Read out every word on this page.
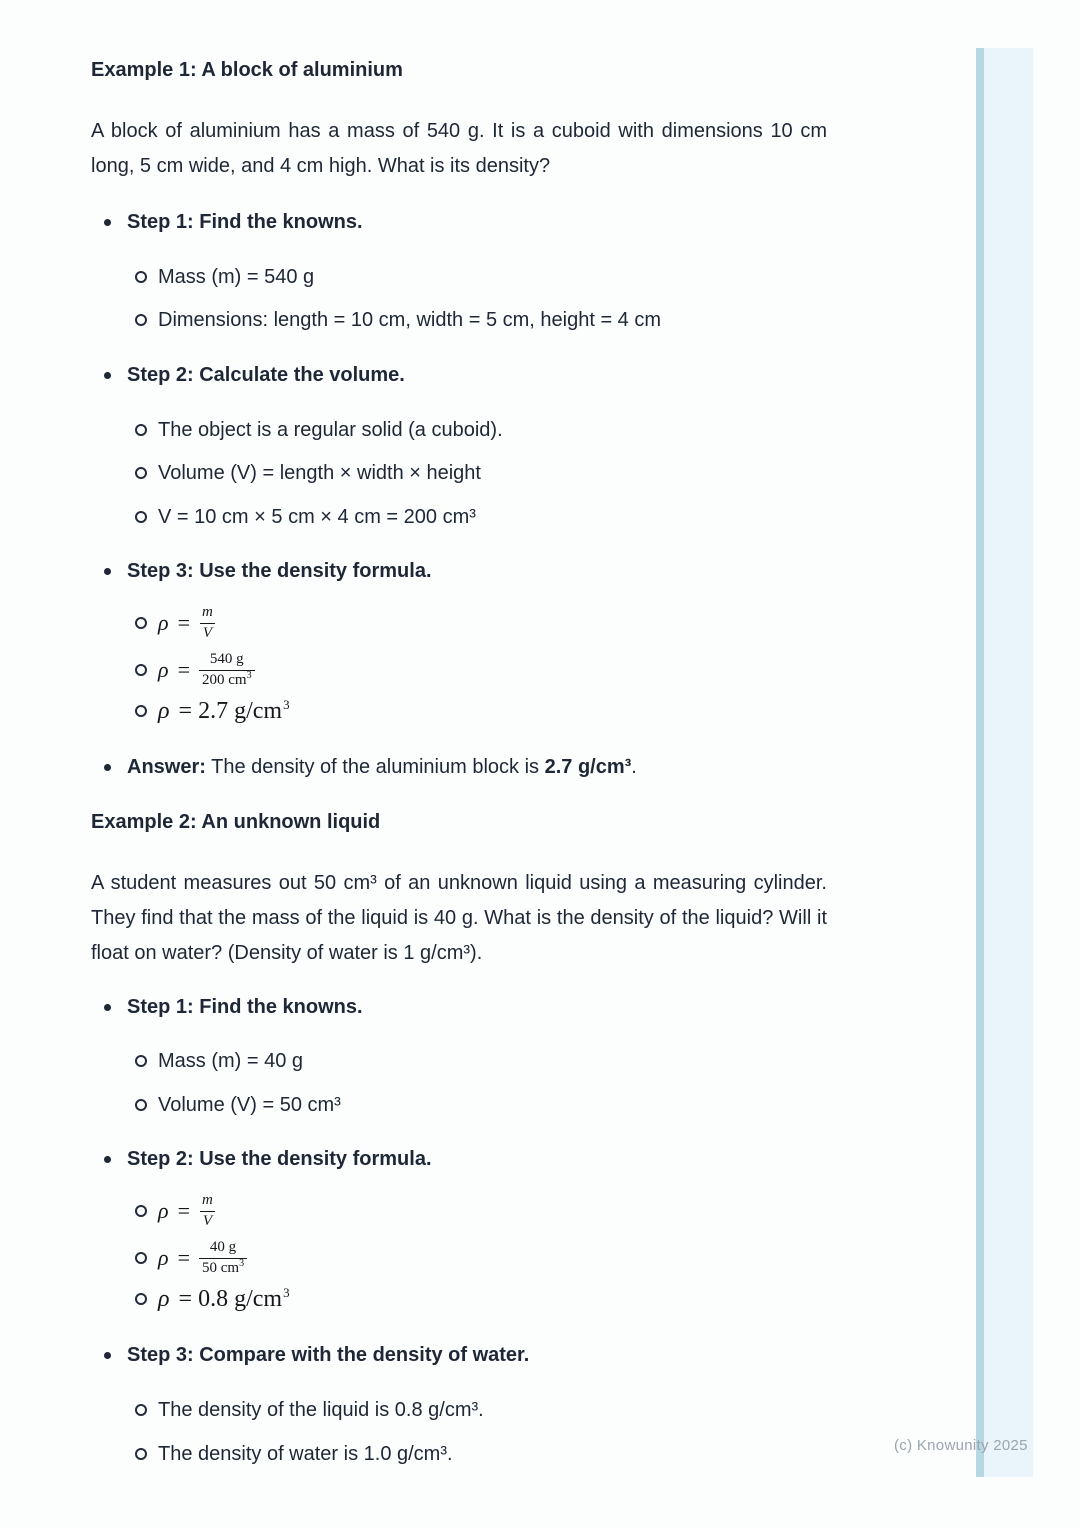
Example 1: A block of aluminium

A block of aluminium has a mass of 540 g. It is a cuboid with dimensions 10 cm long, 5 cm wide, and 4 cm high. What is its density?

Step 1: Find the knowns.
Mass (m) = 540 g
Dimensions: length = 10 cm, width = 5 cm, height = 4 cm
Step 2: Calculate the volume.
The object is a regular solid (a cuboid).
Volume (V) = length × width × height
V = 10 cm × 5 cm × 4 cm = 200 cm³
Step 3: Use the density formula.
$\rho = \frac{m}{V}$
$\rho = \frac{540 g}{200 cm^3}$
ρ = 2.7 $g/cm^3$
Answer: The density of the aluminium block is 2.7 g/cm³.
Example 2: An unknown liquid

A student measures out 50 cm³ of an unknown liquid using a measuring cylinder. They find that the mass of the liquid is 40 g. What is the density of the liquid? Will it float on water? (Density of water is 1 g/cm³).

Step 1: Find the knowns.
Mass (m) = 40 g
Volume (V) = 50 cm³
Step 2: Use the density formula.
$\rho = \frac{m}{V}$
$\rho = \frac{40 g}{50 cm^3}$
ρ = 0.8 $g/cm^3$
Step 3: Compare with the density of water.
The density of the liquid is 0.8 g/cm³.
The density of water is 1.0 g/cm³.	(c) Knowunity 2025
